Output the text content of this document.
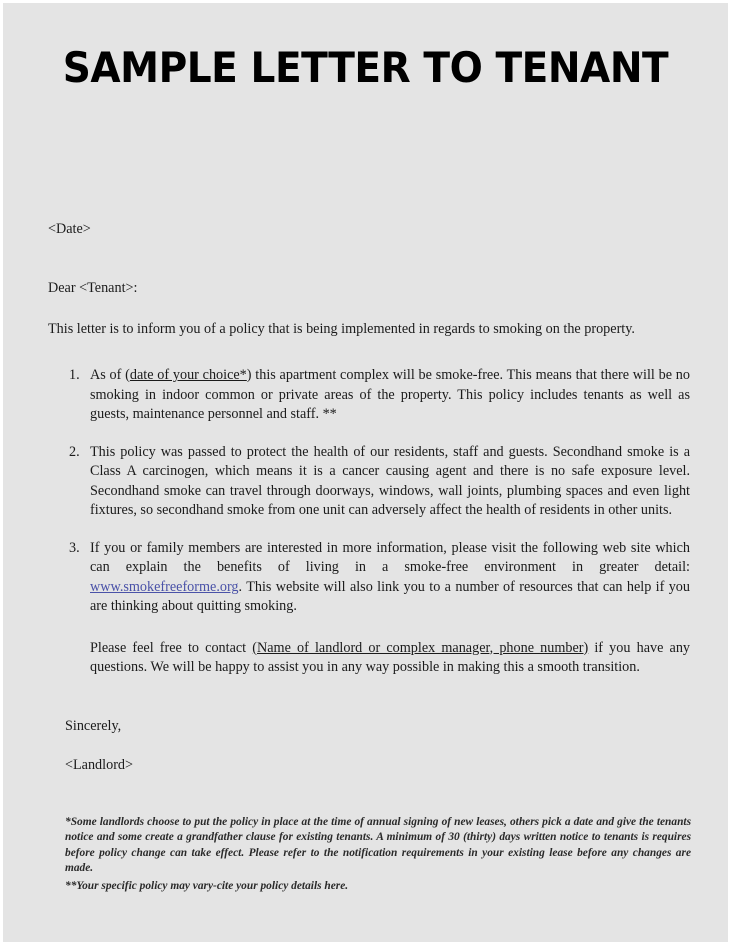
SAMPLE LETTER TO TENANT
<Date>
Dear <Tenant>:
This letter is to inform you of a policy that is being implemented in regards to smoking on the property.
1. As of (date of your choice*) this apartment complex will be smoke-free. This means that there will be no smoking in indoor common or private areas of the property. This policy includes tenants as well as guests, maintenance personnel and staff. **
2. This policy was passed to protect the health of our residents, staff and guests. Secondhand smoke is a Class A carcinogen, which means it is a cancer causing agent and there is no safe exposure level. Secondhand smoke can travel through doorways, windows, wall joints, plumbing spaces and even light fixtures, so secondhand smoke from one unit can adversely affect the health of residents in other units.
3. If you or family members are interested in more information, please visit the following web site which can explain the benefits of living in a smoke-free environment in greater detail: www.smokefreeforme.org. This website will also link you to a number of resources that can help if you are thinking about quitting smoking.
Please feel free to contact (Name of landlord or complex manager, phone number) if you have any questions. We will be happy to assist you in any way possible in making this a smooth transition.
Sincerely,
<Landlord>
*Some landlords choose to put the policy in place at the time of annual signing of new leases, others pick a date and give the tenants notice and some create a grandfather clause for existing tenants. A minimum of 30 (thirty) days written notice to tenants is requires before policy change can take effect. Please refer to the notification requirements in your existing lease before any changes are made.
**Your specific policy may vary-cite your policy details here.
